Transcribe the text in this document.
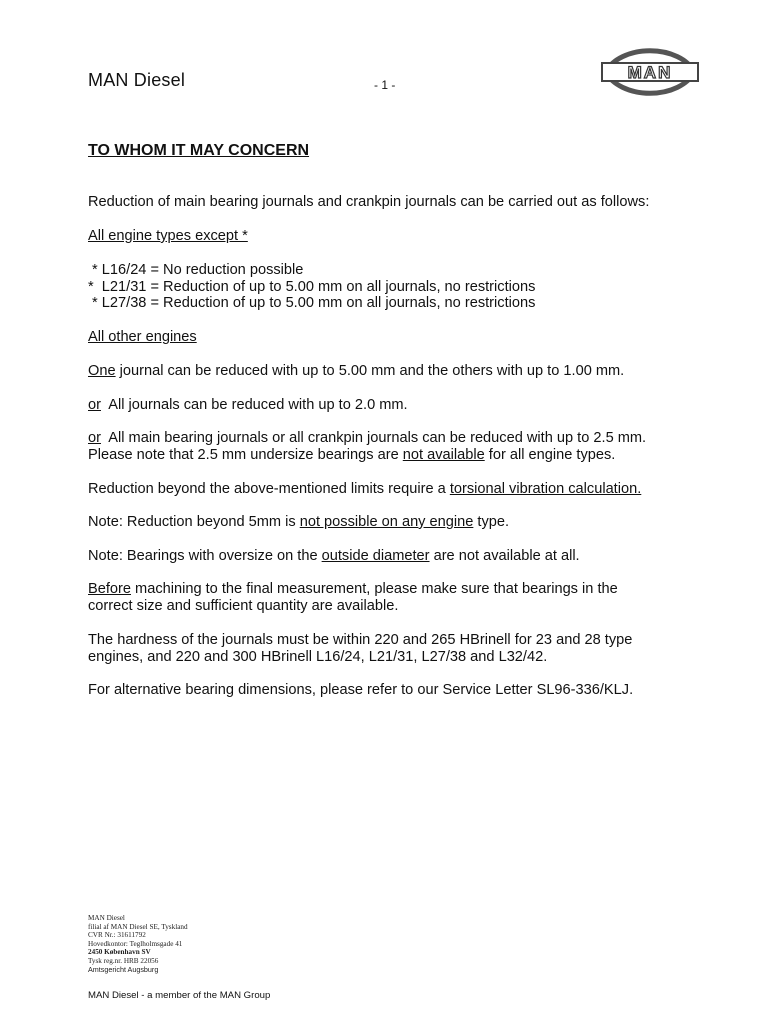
MAN Diesel	- 1 -
MAN
TO WHOM IT MAY CONCERN
Reduction of main bearing journals and crankpin journals can be carried out as follows:
All engine types except *
* L16/24 = No reduction possible
*  L21/31 = Reduction of up to 5.00 mm on all journals, no restrictions
* L27/38 = Reduction of up to 5.00 mm on all journals, no restrictions
All other engines
One journal can be reduced with up to 5.00 mm and the others with up to 1.00 mm.
or  All journals can be reduced with up to 2.0 mm.
or  All main bearing journals or all crankpin journals can be reduced with up to 2.5 mm.
Please note that 2.5 mm undersize bearings are not available for all engine types.
Reduction beyond the above-mentioned limits require a torsional vibration calculation.
Note: Reduction beyond 5mm is not possible on any engine type.
Note: Bearings with oversize on the outside diameter are not available at all.
Before machining to the final measurement, please make sure that bearings in the
correct size and sufficient quantity are available.
The hardness of the journals must be within 220 and 265 HBrinell for 23 and 28 type
engines, and 220 and 300 HBrinell L16/24, L21/31, L27/38 and L32/42.
For alternative bearing dimensions, please refer to our Service Letter SL96-336/KLJ.
MAN Diesel
filial af MAN Diesel SE, Tyskland
CVR Nr.: 31611792
Hovedkontor: Teglholmsgade 41
2450 København SV
Tysk reg.nr. HRB 22056
Amtsgericht Augsburg
MAN Diesel - a member of the MAN Group
